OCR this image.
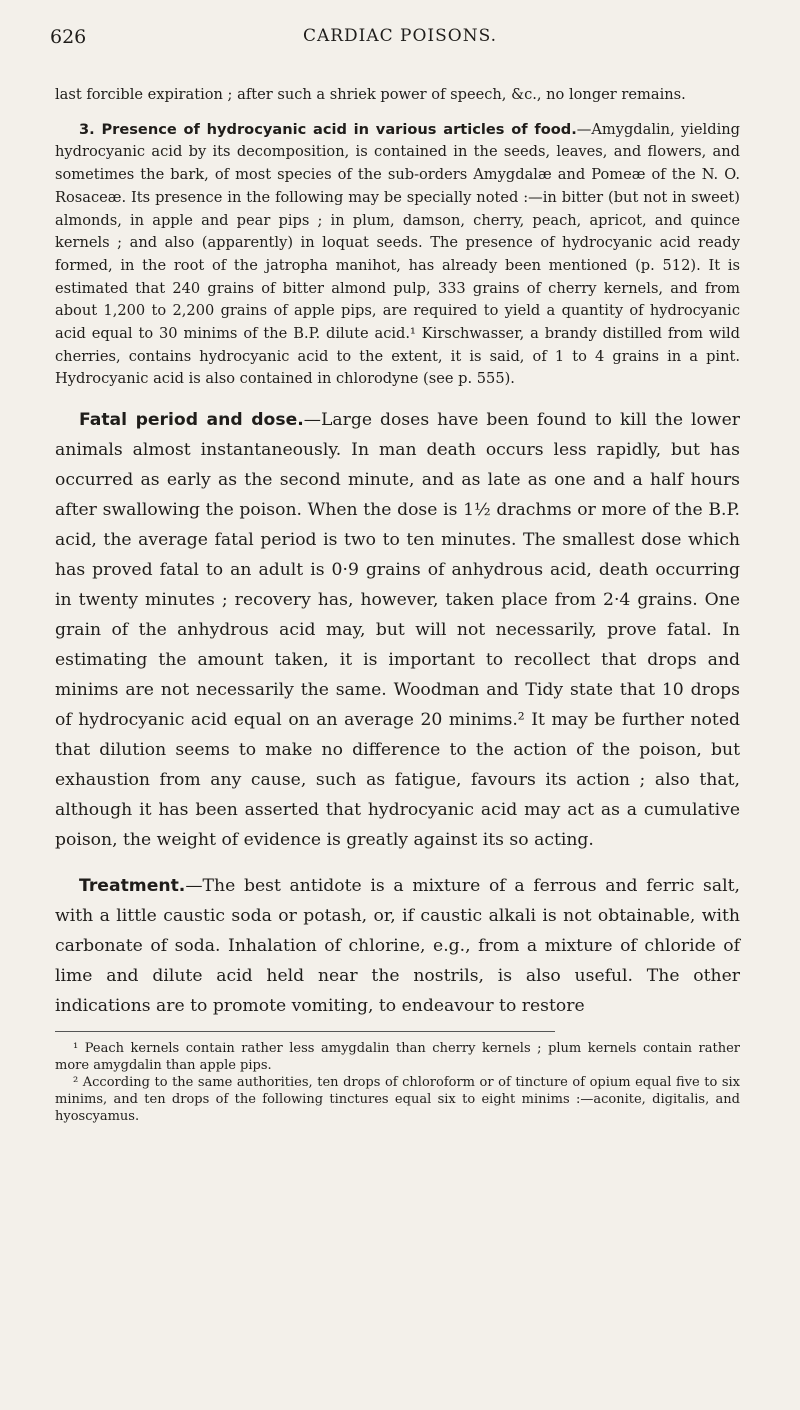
626	CARDIAC POISONS.

last forcible expiration ; after such a shriek power of speech, &c., no longer remains.

3. Presence of hydrocyanic acid in various articles of food.—Amygdalin, yielding hydrocyanic acid by its decomposition, is contained in the seeds, leaves, and flowers, and sometimes the bark, of most species of the sub-orders Amygdalæ and Pomeæ of the N. O. Rosaceæ. Its presence in the following may be specially noted :—in bitter (but not in sweet) almonds, in apple and pear pips ; in plum, damson, cherry, peach, apricot, and quince kernels ; and also (apparently) in loquat seeds. The presence of hydrocyanic acid ready formed, in the root of the jatropha manihot, has already been mentioned (p. 512). It is estimated that 240 grains of bitter almond pulp, 333 grains of cherry kernels, and from about 1,200 to 2,200 grains of apple pips, are required to yield a quantity of hydrocyanic acid equal to 30 minims of the B.P. dilute acid.¹ Kirschwasser, a brandy distilled from wild cherries, contains hydrocyanic acid to the extent, it is said, of 1 to 4 grains in a pint. Hydrocyanic acid is also contained in chlorodyne (see p. 555).

Fatal period and dose.—Large doses have been found to kill the lower animals almost instantaneously. In man death occurs less rapidly, but has occurred as early as the second minute, and as late as one and a half hours after swallowing the poison. When the dose is 1½ drachms or more of the B.P. acid, the average fatal period is two to ten minutes. The smallest dose which has proved fatal to an adult is 0·9 grains of anhydrous acid, death occurring in twenty minutes ; recovery has, however, taken place from 2·4 grains. One grain of the anhydrous acid may, but will not necessarily, prove fatal. In estimating the amount taken, it is important to recollect that drops and minims are not necessarily the same. Woodman and Tidy state that 10 drops of hydrocyanic acid equal on an average 20 minims.² It may be further noted that dilution seems to make no difference to the action of the poison, but exhaustion from any cause, such as fatigue, favours its action ; also that, although it has been asserted that hydrocyanic acid may act as a cumulative poison, the weight of evidence is greatly against its so acting.

Treatment.—The best antidote is a mixture of a ferrous and ferric salt, with a little caustic soda or potash, or, if caustic alkali is not obtainable, with carbonate of soda. Inhalation of chlorine, e.g., from a mixture of chloride of lime and dilute acid held near the nostrils, is also useful. The other indications are to promote vomiting, to endeavour to restore

¹ Peach kernels contain rather less amygdalin than cherry kernels ; plum kernels contain rather more amygdalin than apple pips.

² According to the same authorities, ten drops of chloroform or of tincture of opium equal five to six minims, and ten drops of the following tinctures equal six to eight minims :—aconite, digitalis, and hyoscyamus.
